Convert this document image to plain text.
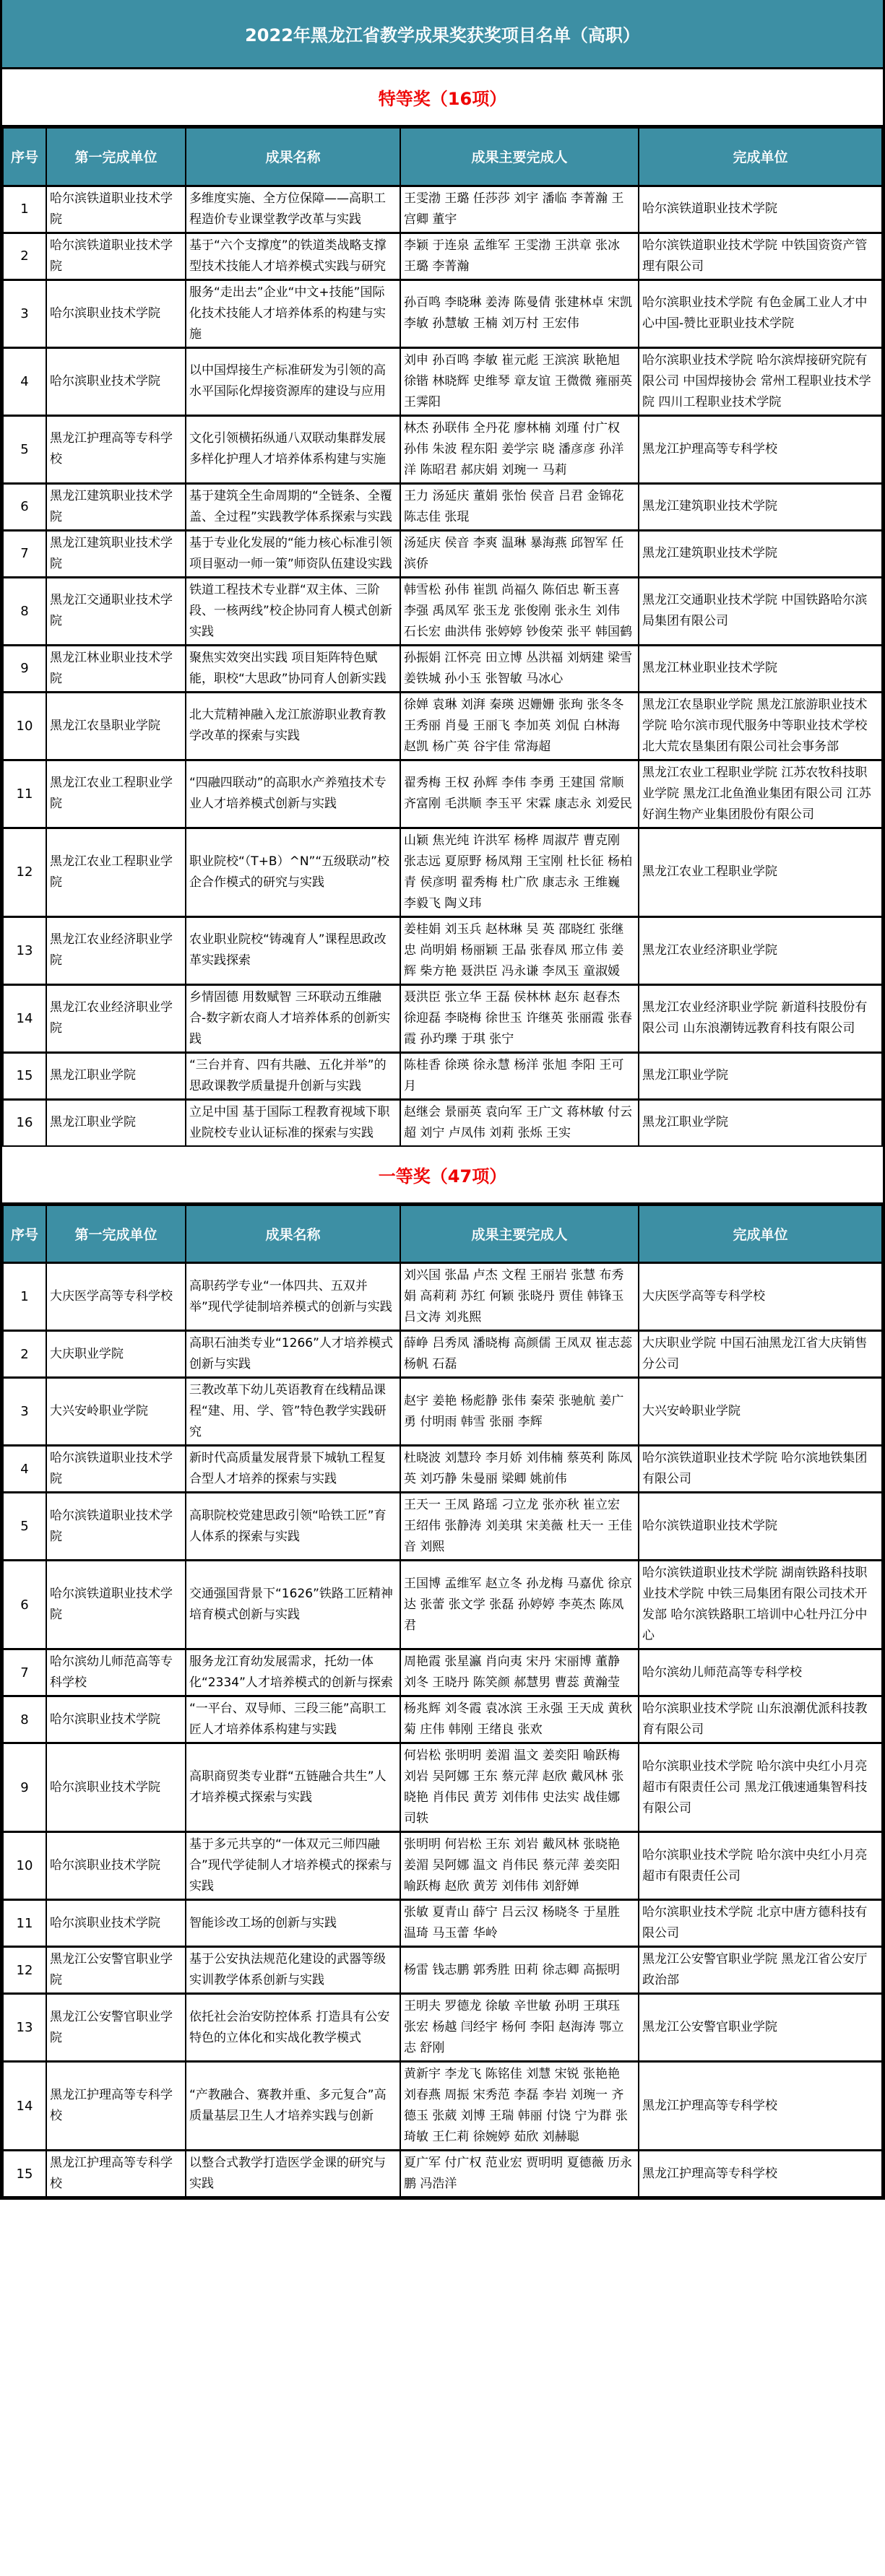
2022年黑龙江省教学成果奖获奖项目名单（高职）
特等奖（16项）
序号	第一完成单位	成果名称	成果主要完成人	完成单位
1	哈尔滨铁道职业技术学院	多维度实施、全方位保障——高职工程造价专业课堂教学改革与实践	王雯渤 王璐 任莎莎 刘宇 潘临 李菁瀚 王宫卿 董宇	哈尔滨铁道职业技术学院
2	哈尔滨铁道职业技术学院	基于“六个支撑度”的铁道类战略支撑型技术技能人才培养模式实践与研究	李颖 于连泉 孟维军 王雯渤 王洪章 张冰 王璐 李菁瀚	哈尔滨铁道职业技术学院 中铁国资资产管理有限公司
3	哈尔滨职业技术学院	服务“走出去”企业“中文+技能”国际化技术技能人才培养体系的构建与实施	孙百鸣 李晓琳 姜涛 陈曼倩 张建林卓 宋凯 李敏 孙慧敏 王楠 刘万村 王宏伟	哈尔滨职业技术学院 有色金属工业人才中心中国-赞比亚职业技术学院
4	哈尔滨职业技术学院	以中国焊接生产标准研发为引领的高水平国际化焊接资源库的建设与应用	刘申 孙百鸣 李敏 崔元彪 王滨滨 耿艳旭 徐锴 林晓辉 史维琴 章友谊 王微微 雍丽英 王霁阳	哈尔滨职业技术学院 哈尔滨焊接研究院有限公司 中国焊接协会 常州工程职业技术学院 四川工程职业技术学院
5	黑龙江护理高等专科学校	文化引领横拓纵通八双联动集群发展多样化护理人才培养体系构建与实施	林杰 孙联伟 全丹花 廖林楠 刘瑾 付广权 孙伟 朱波 程东阳 姜学宗 晓 潘彦彦 孙洋洋 陈昭君 郝庆娟 刘琬一 马莉	黑龙江护理高等专科学校
6	黑龙江建筑职业技术学院	基于建筑全生命周期的“全链条、全覆盖、全过程”实践教学体系探索与实践	王力 汤延庆 董娟 张怡 侯音 吕君 金锦花 陈志佳 张琨	黑龙江建筑职业技术学院
7	黑龙江建筑职业技术学院	基于专业化发展的“能力核心标准引领 项目驱动一师一策”师资队伍建设实践	汤延庆 侯音 李爽 温琳 暴海燕 邱智军 任滨侨	黑龙江建筑职业技术学院
8	黑龙江交通职业技术学院	铁道工程技术专业群“双主体、三阶段、一核两线”校企协同育人模式创新实践	韩雪松 孙伟 崔凯 尚福久 陈佰忠 靳玉喜 李强 禹凤军 张玉龙 张俊刚 张永生 刘伟 石长宏 曲洪伟 张婷婷 钞俊荣 张平 韩国鹤	黑龙江交通职业技术学院 中国铁路哈尔滨局集团有限公司
9	黑龙江林业职业技术学院	聚焦实效突出实践 项目矩阵特色赋能，职校“大思政”协同育人创新实践	孙振娟 江怀亮 田立博 丛洪福 刘炳建 梁雪 姜铁城 孙小玉 张智敏 马冰心	黑龙江林业职业技术学院
10	黑龙江农垦职业学院	北大荒精神融入龙江旅游职业教育教学改革的探索与实践	徐婵 袁琳 刘湃 秦瑛 迟姗姗 张珣 张冬冬 王秀丽 肖曼 王丽飞 李加英 刘侃 白林海 赵凯 杨广英 谷宇佳 常海超	黑龙江农垦职业学院 黑龙江旅游职业技术学院 哈尔滨市现代服务中等职业技术学校 北大荒农垦集团有限公司社会事务部
11	黑龙江农业工程职业学院	“四融四联动”的高职水产养殖技术专业人才培养模式创新与实践	翟秀梅 王权 孙辉 李伟 李勇 王建国 常顺 齐富刚 毛洪顺 李玉平 宋霖 康志永 刘爱民	黑龙江农业工程职业学院 江苏农牧科技职业学院 黑龙江北鱼渔业集团有限公司 江苏好润生物产业集团股份有限公司
12	黑龙江农业工程职业学院	职业院校“（T+B）^N”“五级联动”校企合作模式的研究与实践	山颖 焦光纯 许洪军 杨桦 周淑芹 曹克刚 张志远 夏原野 杨凤翔 王宝刚 杜长征 杨柏青 侯彦明 翟秀梅 杜广欣 康志永 王维巍 李毅飞 陶义玮	黑龙江农业工程职业学院
13	黑龙江农业经济职业学院	农业职业院校“铸魂育人”课程思政改革实践探索	姜桂娟 刘玉兵 赵林琳 吴 英 邵晓红 张继忠 尚明娟 杨丽颖 王晶 张春凤 邢立伟 姜辉 柴方艳 聂洪臣 冯永谦 李凤玉 童淑媛	黑龙江农业经济职业学院
14	黑龙江农业经济职业学院	乡情固德 用数赋智 三环联动五维融合-数字新农商人才培养体系的创新实践	聂洪臣 张立华 王磊 侯林林 赵东 赵春杰 徐迎磊 李晓梅 徐世玉 许继英 张丽霞 张春霞 孙玓瓅 于琪 张宁	黑龙江农业经济职业学院 新道科技股份有限公司 山东浪潮铸远教育科技有限公司
15	黑龙江职业学院	“三台并育、四有共融、五化并举”的思政课教学质量提升创新与实践	陈桂香 徐瑛 徐永慧 杨洋 张旭 李阳 王可月	黑龙江职业学院
16	黑龙江职业学院	立足中国 基于国际工程教育视域下职业院校专业认证标准的探索与实践	赵继会 景丽英 袁向军 王广文 蒋林敏 付云超 刘宁 卢凤伟 刘莉 张烁 王实	黑龙江职业学院
一等奖（47项）
序号	第一完成单位	成果名称	成果主要完成人	完成单位
1	大庆医学高等专科学校	高职药学专业“一体四共、五双并举”现代学徒制培养模式的创新与实践	刘兴国 张晶 卢杰 文程 王丽岩 张慧 布秀娟 高莉莉 苏红 何颖 张晓丹 贾佳 韩锋玉 吕文涛 刘兆熙	大庆医学高等专科学校
2	大庆职业学院	高职石油类专业“1266”人才培养模式创新与实践	薛峥 吕秀凤 潘晓梅 高颜儒 王凤双 崔志蕊 杨帆 石磊	大庆职业学院 中国石油黑龙江省大庆销售分公司
3	大兴安岭职业学院	三教改革下幼儿英语教育在线精品课程“建、用、学、管”特色教学实践研究	赵宇 姜艳 杨彪静 张伟 秦荣 张驰航 姜广勇 付明雨 韩雪 张丽 李辉	大兴安岭职业学院
4	哈尔滨铁道职业技术学院	新时代高质量发展背景下城轨工程复合型人才培养的探索与实践	杜晓波 刘慧玲 李月娇 刘伟楠 蔡英利 陈凤英 刘巧静 朱曼丽 梁卿 姚前伟	哈尔滨铁道职业技术学院 哈尔滨地铁集团有限公司
5	哈尔滨铁道职业技术学院	高职院校党建思政引领“哈铁工匠”育人体系的探索与实践	王天一 王凤 路瑶 刁立龙 张亦秋 崔立宏 王绍伟 张静涛 刘美琪 宋美薇 杜天一 王佳音 刘熙	哈尔滨铁道职业技术学院
6	哈尔滨铁道职业技术学院	交通强国背景下“1626”铁路工匠精神培育模式创新与实践	王国博 孟维军 赵立冬 孙龙梅 马嘉优 徐京达 张蕾 张文学 张磊 孙婷婷 李英杰 陈凤君	哈尔滨铁道职业技术学院 湖南铁路科技职业技术学院 中铁三局集团有限公司技术开发部 哈尔滨铁路职工培训中心牡丹江分中心
7	哈尔滨幼儿师范高等专科学校	服务龙江育幼发展需求，托幼一体化“2334”人才培养模式的创新与探索	周艳霞 张星瀛 肖向夷 宋丹 宋丽博 董静 刘冬 王晓丹 陈笑颜 郝慧男 曹蕊 黄瀚莹	哈尔滨幼儿师范高等专科学校
8	哈尔滨职业技术学院	“一平台、双导师、三段三能”高职工匠人才培养体系构建与实践	杨兆辉 刘冬霞 袁冰滨 王永强 王天成 黄秋菊 庄伟 韩刚 王绪良 张欢	哈尔滨职业技术学院 山东浪潮优派科技教育有限公司
9	哈尔滨职业技术学院	高职商贸类专业群“五链融合共生”人才培养模式探索与实践	何岩松 张明明 姜湄 温文 姜奕阳 喻跃梅 刘岩 吴阿娜 王东 蔡元萍 赵欣 戴风林 张晓艳 肖伟民 黄芳 刘伟伟 史法实 战佳娜 司轶	哈尔滨职业技术学院 哈尔滨中央红小月亮超市有限责任公司 黑龙江俄速通集智科技有限公司
10	哈尔滨职业技术学院	基于多元共享的“一体双元三师四融合”现代学徒制人才培养模式的探索与实践	张明明 何岩松 王东 刘岩 戴风林 张晓艳 姜湄 吴阿娜 温文 肖伟民 蔡元萍 姜奕阳 喻跃梅 赵欣 黄芳 刘伟伟 刘舒婵	哈尔滨职业技术学院 哈尔滨中央红小月亮超市有限责任公司
11	哈尔滨职业技术学院	智能诊改工场的创新与实践	张敏 夏青山 薛宁 吕云汉 杨晓冬 于星胜 温琦 马玉蕾 华岭	哈尔滨职业技术学院 北京中唐方德科技有限公司
12	黑龙江公安警官职业学院	基于公安执法规范化建设的武器等级实训教学体系创新与实践	杨雷 钱志鹏 郭秀胜 田莉 徐志卿 高振明	黑龙江公安警官职业学院 黑龙江省公安厅政治部
13	黑龙江公安警官职业学院	依托社会治安防控体系 打造具有公安特色的立体化和实战化教学模式	王明夫 罗德龙 徐敏 辛世敏 孙明 王琪珏 张宏 杨越 闫经宇 杨何 李阳 赵海涛 鄂立志 舒刚	黑龙江公安警官职业学院
14	黑龙江护理高等专科学校	“产教融合、赛教并重、多元复合”高质量基层卫生人才培养实践与创新	黄新宇 李龙飞 陈铭佳 刘慧 宋锐 张艳艳 刘春燕 周振 宋秀范 李磊 李岩 刘琬一 齐德玉 张葳 刘博 王瑞 韩丽 付饶 宁为群 张琦敏 王仁莉 徐婉婷 茹欣 刘赫聪	黑龙江护理高等专科学校
15	黑龙江护理高等专科学校	以整合式教学打造医学金课的研究与实践	夏广军 付广权 范业宏 贾明明 夏德薇 历永鹏 冯浩洋	黑龙江护理高等专科学校
